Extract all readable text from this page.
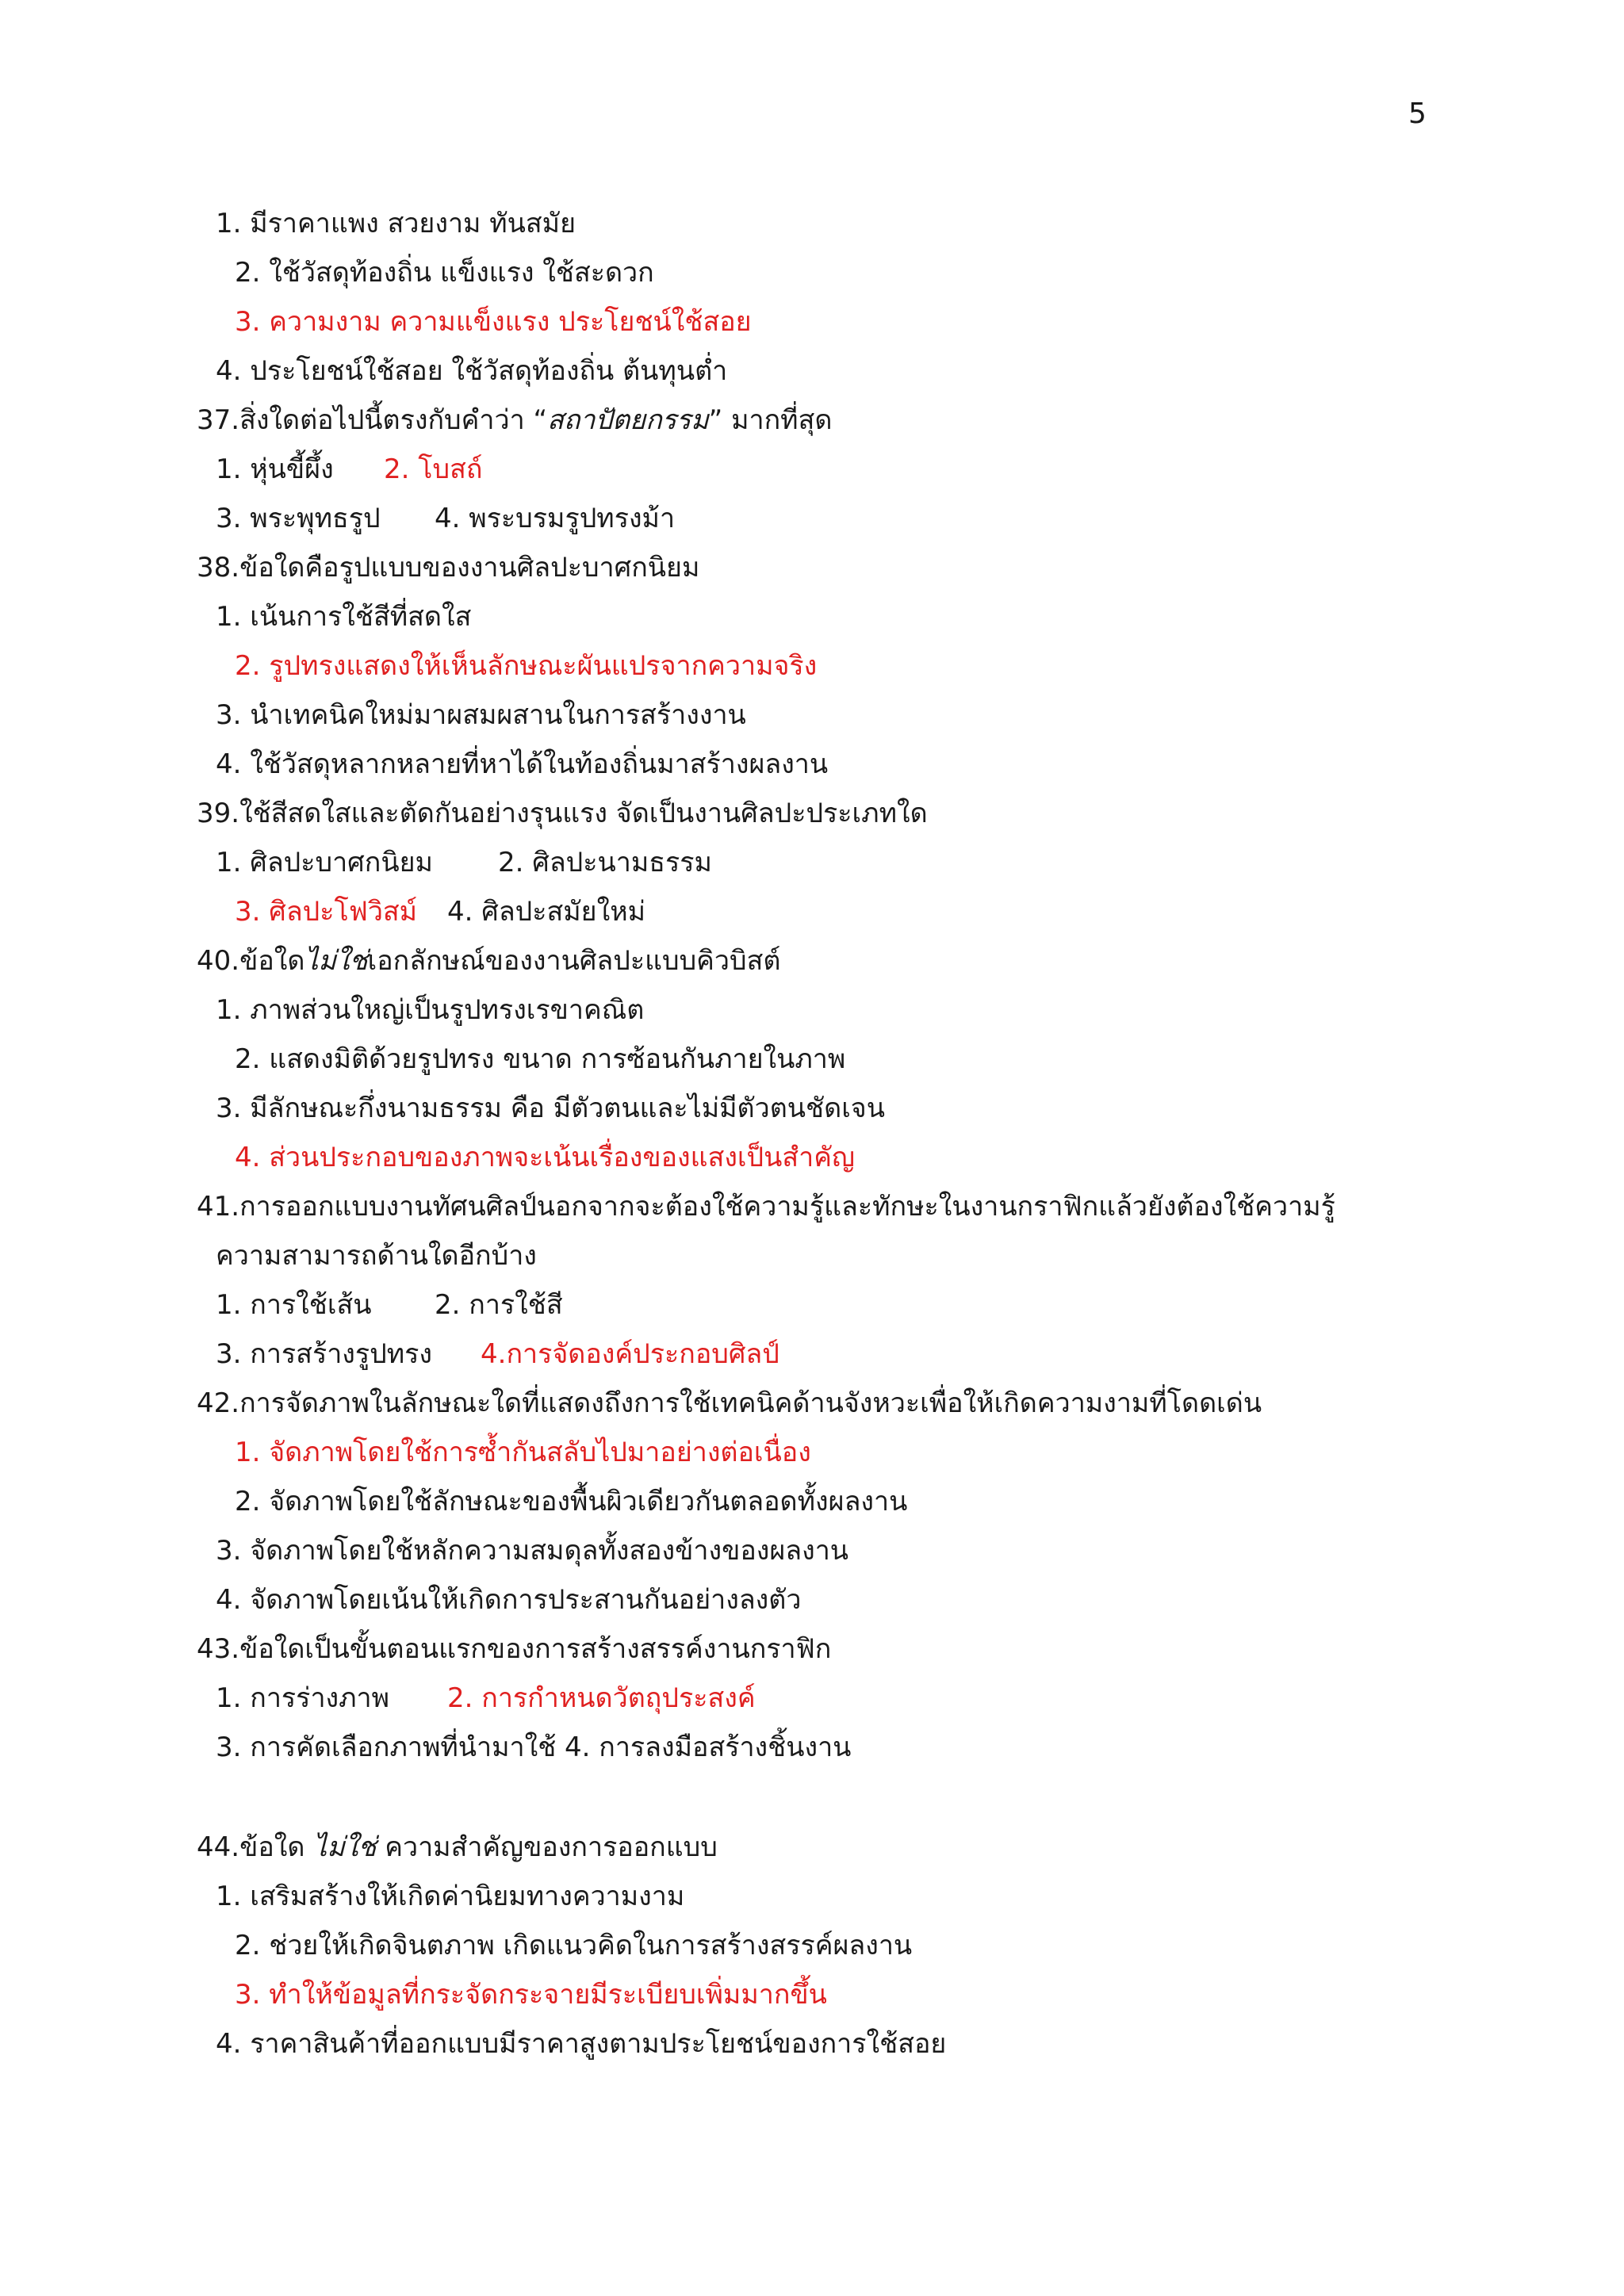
5
1. มีราคาแพง สวยงาม ทันสมัย
2. ใช้วัสดุท้องถิ่น แข็งแรง ใช้สะดวก
3. ความงาม ความแข็งแรง ประโยชน์ใช้สอย
4. ประโยชน์ใช้สอย ใช้วัสดุท้องถิ่น ต้นทุนต่ำ
37.สิ่งใดต่อไปนี้ตรงกับคำว่า “สถาปัตยกรรม” มากที่สุด
1. หุ่นขี้ผึ้ง 2. โบสถ์
3. พระพุทธรูป 4. พระบรมรูปทรงม้า
38.ข้อใดคือรูปแบบของงานศิลปะบาศกนิยม
1. เน้นการใช้สีที่สดใส
2. รูปทรงแสดงให้เห็นลักษณะผันแปรจากความจริง
3. นำเทคนิคใหม่มาผสมผสานในการสร้างงาน
4. ใช้วัสดุหลากหลายที่หาได้ในท้องถิ่นมาสร้างผลงาน
39.ใช้สีสดใสและตัดกันอย่างรุนแรง จัดเป็นงานศิลปะประเภทใด
1. ศิลปะบาศกนิยม 2. ศิลปะนามธรรม
3. ศิลปะโฟวิสม์ 4. ศิลปะสมัยใหม่
40.ข้อใดไม่ใช่เอกลักษณ์ของงานศิลปะแบบคิวบิสต์
1. ภาพส่วนใหญ่เป็นรูปทรงเรขาคณิต
2. แสดงมิติด้วยรูปทรง ขนาด การซ้อนกันภายในภาพ
3. มีลักษณะกึ่งนามธรรม คือ มีตัวตนและไม่มีตัวตนชัดเจน
4. ส่วนประกอบของภาพจะเน้นเรื่องของแสงเป็นสำคัญ
41.การออกแบบงานทัศนศิลป์นอกจากจะต้องใช้ความรู้และทักษะในงานกราฟิกแล้วยังต้องใช้ความรู้
ความสามารถด้านใดอีกบ้าง
1. การใช้เส้น 2. การใช้สี
3. การสร้างรูปทรง 4.การจัดองค์ประกอบศิลป์
42.การจัดภาพในลักษณะใดที่แสดงถึงการใช้เทคนิคด้านจังหวะเพื่อให้เกิดความงามที่โดดเด่น
1. จัดภาพโดยใช้การซ้ำกันสลับไปมาอย่างต่อเนื่อง
2. จัดภาพโดยใช้ลักษณะของพื้นผิวเดียวกันตลอดทั้งผลงาน
3. จัดภาพโดยใช้หลักความสมดุลทั้งสองข้างของผลงาน
4. จัดภาพโดยเน้นให้เกิดการประสานกันอย่างลงตัว
43.ข้อใดเป็นขั้นตอนแรกของการสร้างสรรค์งานกราฟิก
1. การร่างภาพ 2. การกำหนดวัตถุประสงค์
3. การคัดเลือกภาพที่นำมาใช้ 4. การลงมือสร้างชิ้นงาน
44.ข้อใด ไม่ใช่ ความสำคัญของการออกแบบ
1. เสริมสร้างให้เกิดค่านิยมทางความงาม
2. ช่วยให้เกิดจินตภาพ เกิดแนวคิดในการสร้างสรรค์ผลงาน
3. ทำให้ข้อมูลที่กระจัดกระจายมีระเบียบเพิ่มมากขึ้น
4. ราคาสินค้าที่ออกแบบมีราคาสูงตามประโยชน์ของการใช้สอย
